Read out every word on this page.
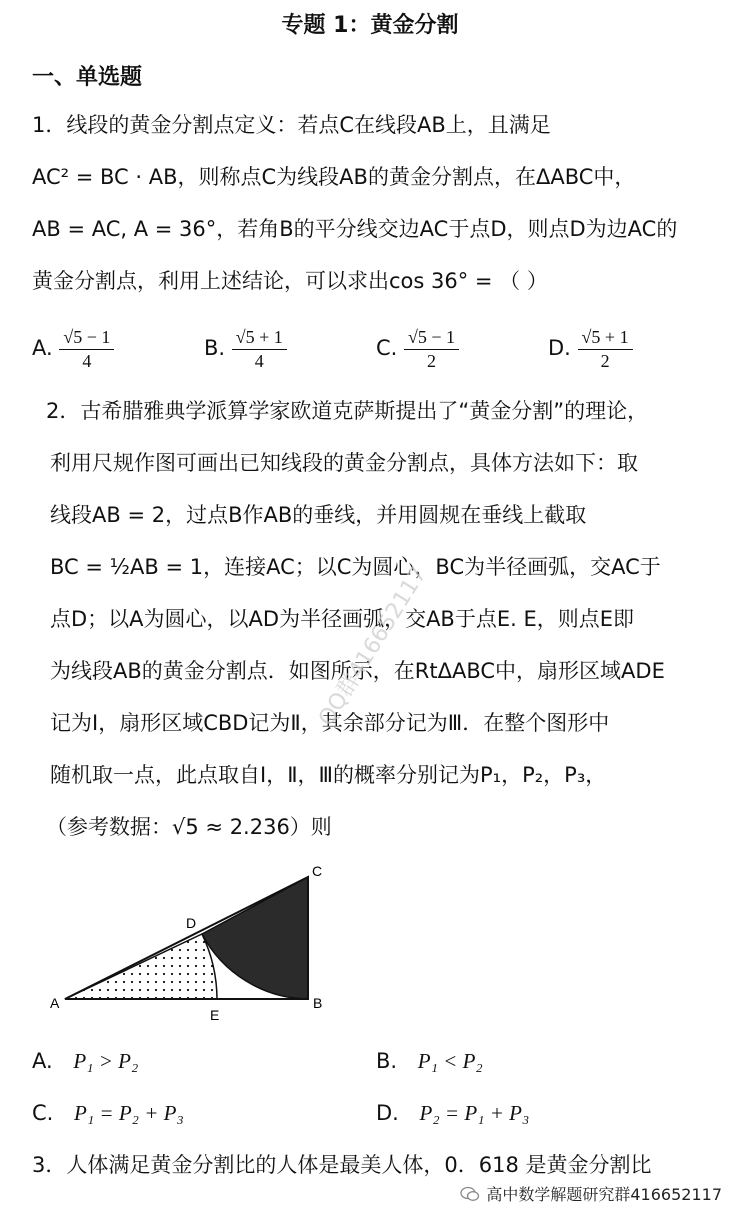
专题 1：黄金分割
一、单选题
1．线段的黄金分割点定义：若点C在线段AB上，且满足
AC² = BC · AB，则称点C为线段AB的黄金分割点，在ΔABC中，
AB = AC, A = 36°，若角B的平分线交边AC于点D，则点D为边AC的
黄金分割点，利用上述结论，可以求出cos 36° = （ ）
A. $\frac{√5 - 1}{4}$	B. $\frac{√5 + 1}{4}$	C. $\frac{√5 - 1}{2}$	D. $\frac{√5 + 1}{2}$
2．古希腊雅典学派算学家欧道克萨斯提出了“黄金分割”的理论，
利用尺规作图可画出已知线段的黄金分割点，具体方法如下：取
线段AB = 2，过点B作AB的垂线，并用圆规在垂线上截取
BC = ½AB = 1，连接AC；以C为圆心，BC为半径画弧，交AC于
点D；以A为圆心，以AD为半径画弧，交AB于点E. E，则点E即
为线段AB的黄金分割点．如图所示，在RtΔABC中，扇形区域ADE
记为Ⅰ，扇形区域CBD记为Ⅱ，其余部分记为Ⅲ．在整个图形中
随机取一点，此点取自Ⅰ，Ⅱ，Ⅲ的概率分别记为P₁，P₂，P₃，
（参考数据：√5 ≈ 2.236）则
QQ群416652117
A	B
C
D
E
A. P₁ > P₂	B. P₁ < P₂
C. P₁ = P₂ + P₃	D. P₂ = P₁ + P₃
3．人体满足黄金分割比的人体是最美人体，0．618 是黄金分割比
高中数学解题研究群416652117
